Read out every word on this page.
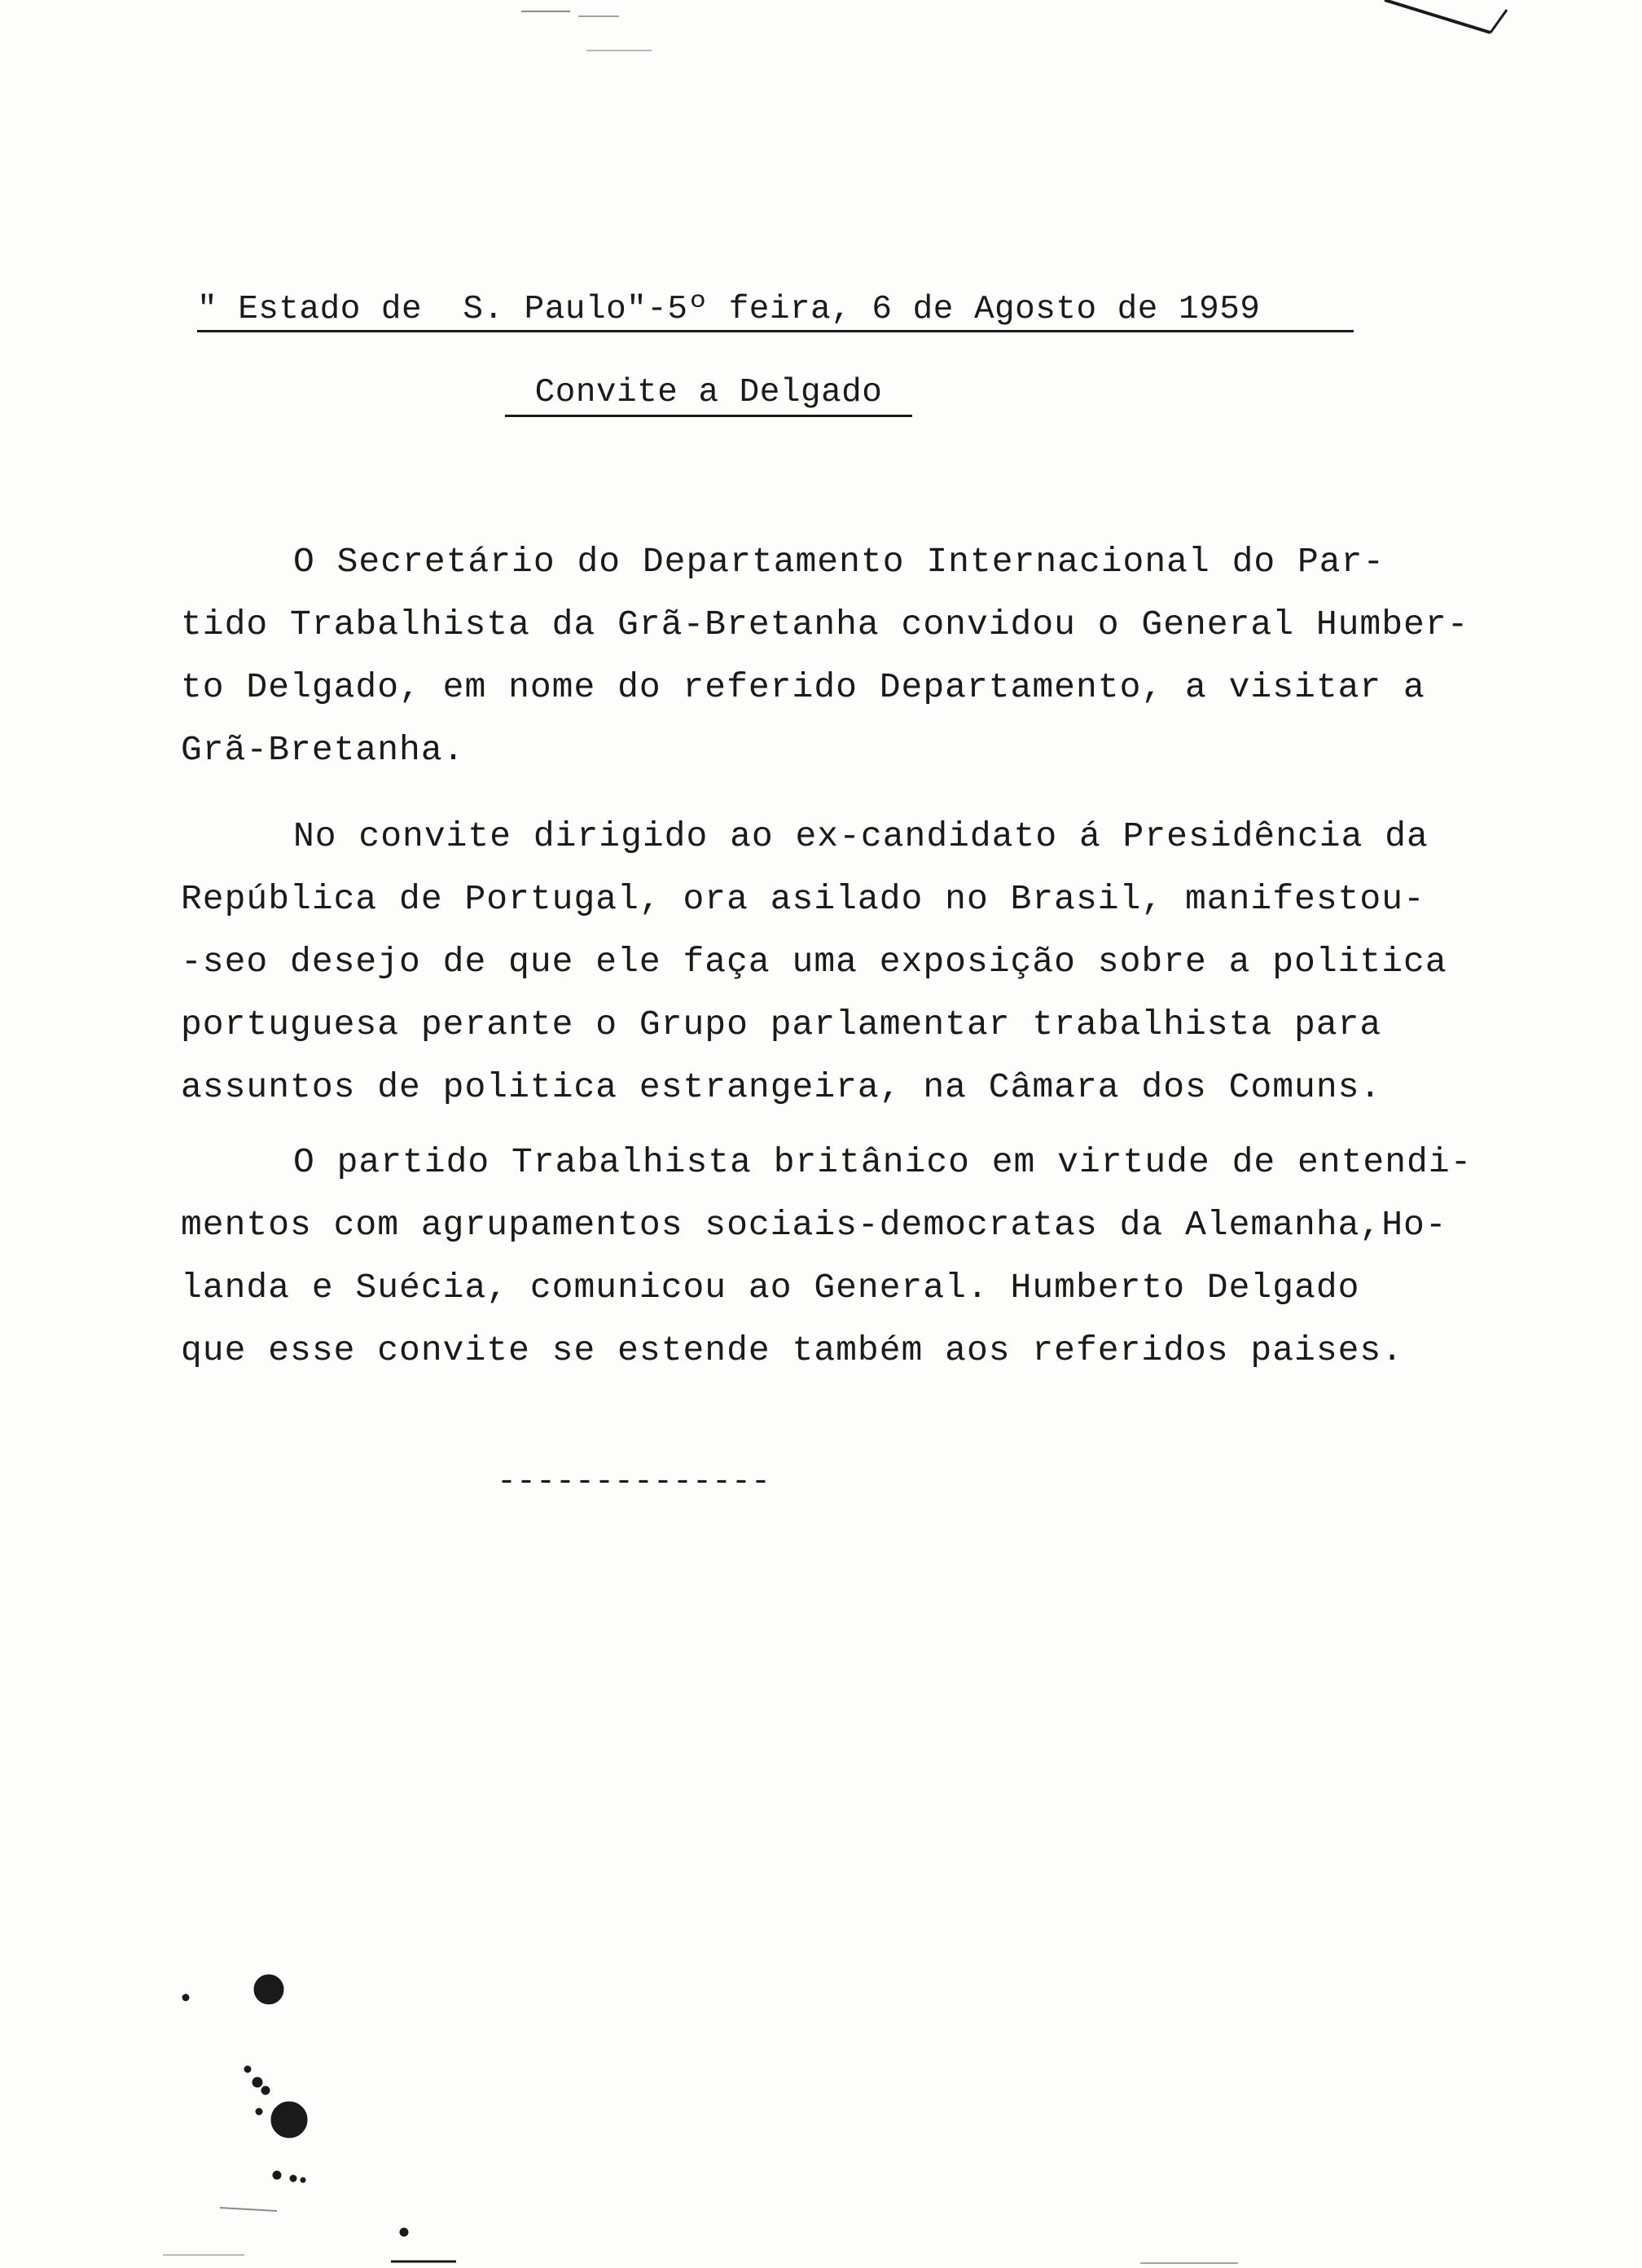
" Estado de  S. Paulo"-5º feira, 6 de Agosto de 1959
Convite a Delgado
O Secretário do Departamento Internacional do Par-
tido Trabalhista da Grã-Bretanha convidou o General Humber-
to Delgado, em nome do referido Departamento, a visitar a
Grã-Bretanha.
No convite dirigido ao ex-candidato á Presidência da
República de Portugal, ora asilado no Brasil, manifestou-
-seo desejo de que ele faça uma exposição sobre a politica
portuguesa perante o Grupo parlamentar trabalhista para
assuntos de politica estrangeira, na Câmara dos Comuns.
O partido Trabalhista britânico em virtude de entendi-
mentos com agrupamentos sociais-democratas da Alemanha,Ho-
landa e Suécia, comunicou ao General. Humberto Delgado
que esse convite se estende também aos referidos paises.
--------------
